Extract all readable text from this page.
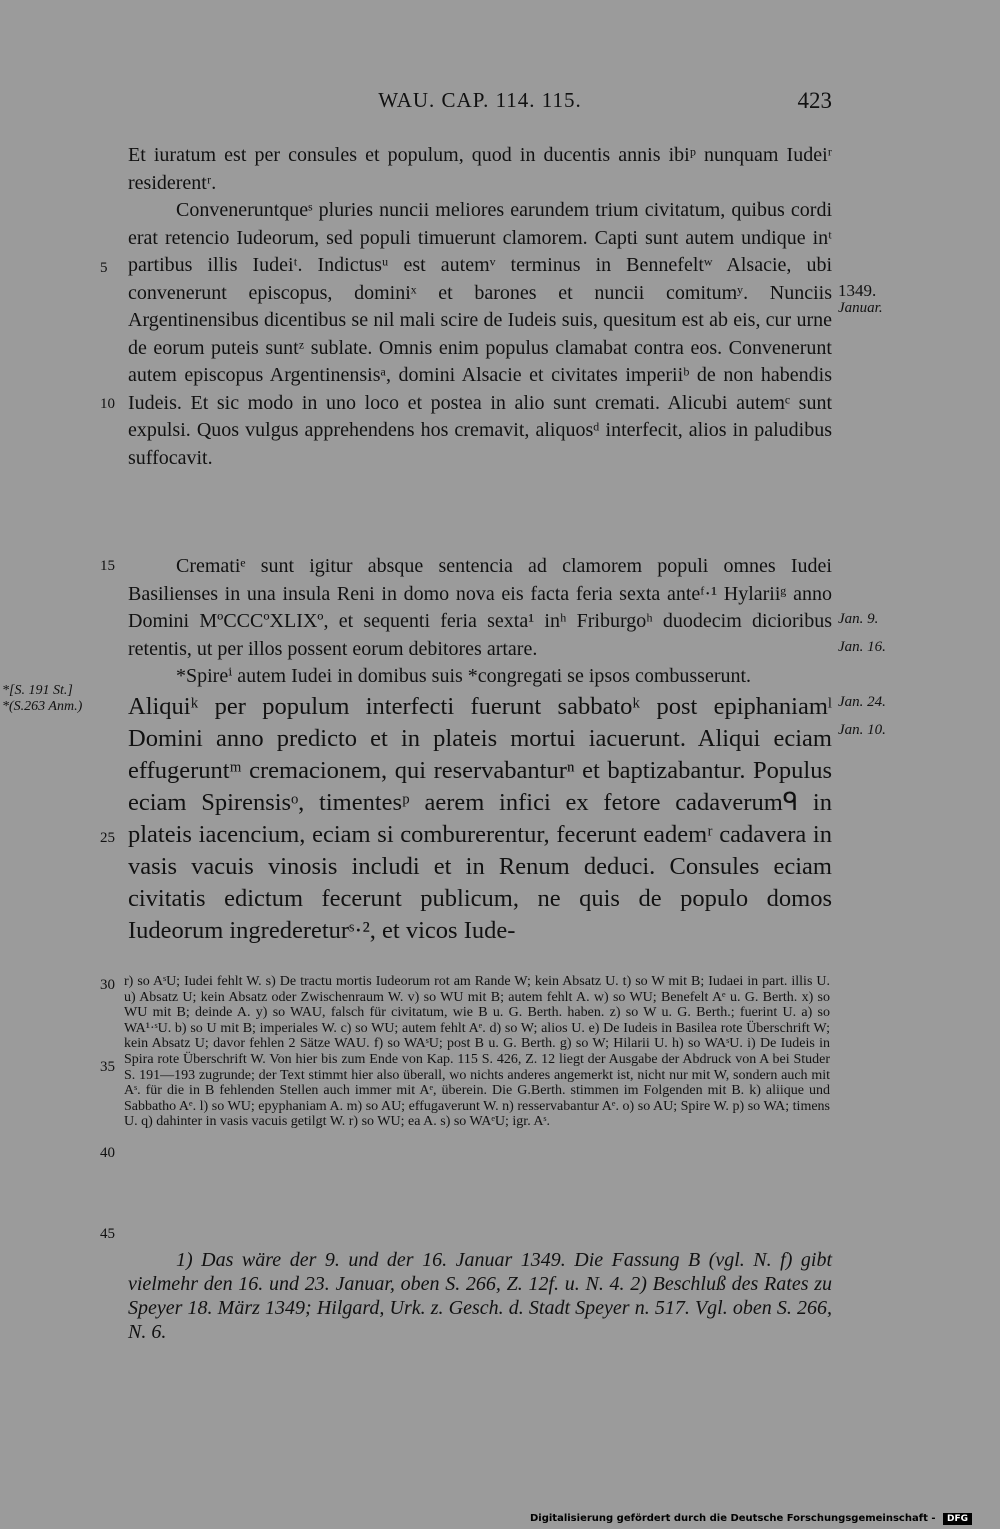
WAU. CAP. 114. 115.	423

Et iuratum est per consules et populum, quod in ducentis annis ibiᵖ nunquam Iudeiʳ residerentʳ.

Conveneruntqueˢ pluries nuncii meliores earundem trium civitatum, quibus cordi erat retencio Iudeorum, sed populi timuerunt clamorem. Capti sunt autem undique inᵗ partibus illis Iudeiᵗ. Indictusᵘ est autemᵛ terminus in Bennefeltʷ Alsacie, ubi convenerunt episcopus, dominiˣ et barones et nuncii comitumʸ. Nunciis Argentinensibus dicentibus se nil mali scire de Iudeis suis, quesitum est ab eis, cur urne de eorum puteis suntᶻ sublate. Omnis enim populus clamabat contra eos. Convenerunt autem episcopus Argentinensisᵃ, domini Alsacie et civitates imperiiᵇ de non habendis Iudeis. Et sic modo in uno loco et postea in alio sunt cremati. Alicubi autemᶜ sunt expulsi. Quos vulgus apprehendens hos cremavit, aliquosᵈ interfecit, alios in paludibus suffocavit.

Crematiᵉ sunt igitur absque sentencia ad clamorem populi omnes Iudei Basilienses in una insula Reni in domo nova eis facta feria sexta anteᶠ·¹ Hylariiᵍ anno Domini MºCCCºXLIXº, et sequenti feria sexta¹ inʰ Friburgoʰ duodecim dicioribus retentis, ut per illos possent eorum debitores artare.

*Spireⁱ autem Iudei in domibus suis *congregati se ipsos combusserunt.

Aliquiᵏ per populum interfecti fuerunt sabbatoᵏ post epiphaniamˡ Domini anno predicto et in plateis mortui iacuerunt. Aliqui eciam effugeruntᵐ cremacionem, qui reservabanturⁿ et baptizabantur. Populus eciam Spirensisᵒ, timentesᵖ aerem infici ex fetore cadaverumᑫ in plateis iacencium, eciam si comburerentur, fecerunt eademʳ cadavera in vasis vacuis vinosis includi et in Renum deduci. Consules eciam civitatis edictum fecerunt publicum, ne quis de populo domos Iudeorum ingredereturˢ·², et vicos Iude-

5
10
15
25
30
35
40
45
*[S. 191 St.]
*(S.263 Anm.)
1349.
Januar.
Jan. 9.
Jan. 16.
Jan. 24.
Jan. 10.

r) so AˢU; Iudei fehlt W. s) De tractu mortis Iudeorum rot am Rande W; kein Absatz U. t) so W mit B; Iudaei in part. illis U. u) Absatz U; kein Absatz oder Zwischenraum W. v) so WU mit B; autem fehlt A. w) so WU; Benefelt Aᵉ u. G. Berth. x) so WU mit B; deinde A. y) so WAU, falsch für civitatum, wie B u. G. Berth. haben. z) so W u. G. Berth.; fuerint U. a) so WA¹·ˢU. b) so U mit B; imperiales W. c) so WU; autem fehlt Aᵉ. d) so W; alios U. e) De Iudeis in Basilea rote Überschrift W; kein Absatz U; davor fehlen 2 Sätze WAU. f) so WAˢU; post B u. G. Berth. g) so W; Hilarii U. h) so WAˢU. i) De Iudeis in Spira rote Überschrift W. Von hier bis zum Ende von Kap. 115 S. 426, Z. 12 liegt der Ausgabe der Abdruck von A bei Studer S. 191—193 zugrunde; der Text stimmt hier also überall, wo nichts anderes angemerkt ist, nicht nur mit W, sondern auch mit Aˢ. für die in B fehlenden Stellen auch immer mit Aᵉ, überein. Die G.Berth. stimmen im Folgenden mit B. k) aliique und Sabbatho Aᵉ. l) so WU; epyphaniam A. m) so AU; effugaverunt W. n) resservabantur Aᵉ. o) so AU; Spire W. p) so WA; timens U. q) dahinter in vasis vacuis getilgt W. r) so WU; ea A. s) so WAᵉU; igr. Aˢ.

1) Das wäre der 9. und der 16. Januar 1349. Die Fassung B (vgl. N. f) gibt vielmehr den 16. und 23. Januar, oben S. 266, Z. 12f. u. N. 4. 2) Beschluß des Rates zu Speyer 18. März 1349; Hilgard, Urk. z. Gesch. d. Stadt Speyer n. 517. Vgl. oben S. 266, N. 6.

Digitalisierung gefördert durch die Deutsche Forschungsgemeinschaft - DFG
